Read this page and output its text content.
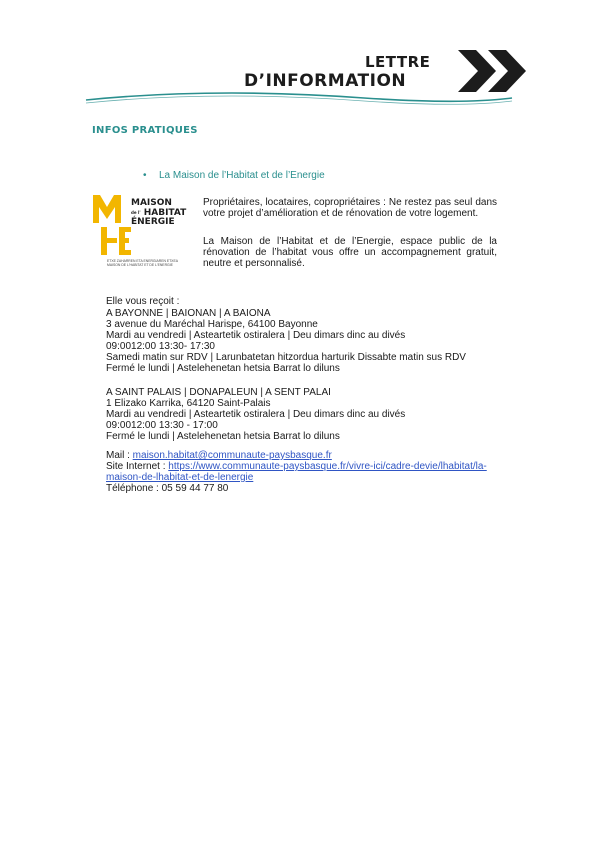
LETTRE
D’INFORMATION
INFOS PRATIQUES
• La Maison de l’Habitat et de l’Energie
MAISON
de l' HABITAT
ÉNERGIE
ETXE ZAHARREN ETA ENERGIAREN ETXEA
MAISON DE L'HABITAT ET DE L'ENERGIE
Propriétaires, locataires, copropriétaires : Ne restez pas seul dans votre projet d’amélioration et de rénovation de votre logement.
La Maison de l’Habitat et de l’Energie, espace public de la rénovation de l’habitat vous offre un accompagnement gratuit, neutre et personnalisé.
Elle vous reçoit :
A BAYONNE | BAIONAN | A BAIONA
3 avenue du Maréchal Harispe, 64100 Bayonne
Mardi au vendredi | Asteartetik ostiralera | Deu dimars dinc au divés
09:0012:00 13:30- 17:30
Samedi matin sur RDV | Larunbatetan hitzordua harturik Dissabte matin sus RDV
Fermé le lundi | Astelehenetan hetsia Barrat lo diluns
A SAINT PALAIS | DONAPALEUN | A SENT PALAI
1 Elizako Karrika, 64120 Saint-Palais
Mardi au vendredi | Asteartetik ostiralera | Deu dimars dinc au divés
09:0012:00 13:30 - 17:00
Fermé le lundi | Astelehenetan hetsia Barrat lo diluns
Mail : maison.habitat@communaute-paysbasque.fr
Site Internet : https://www.communaute-paysbasque.fr/vivre-ici/cadre-devie/lhabitat/la-
maison-de-lhabitat-et-de-lenergie
Téléphone : 05 59 44 77 80
